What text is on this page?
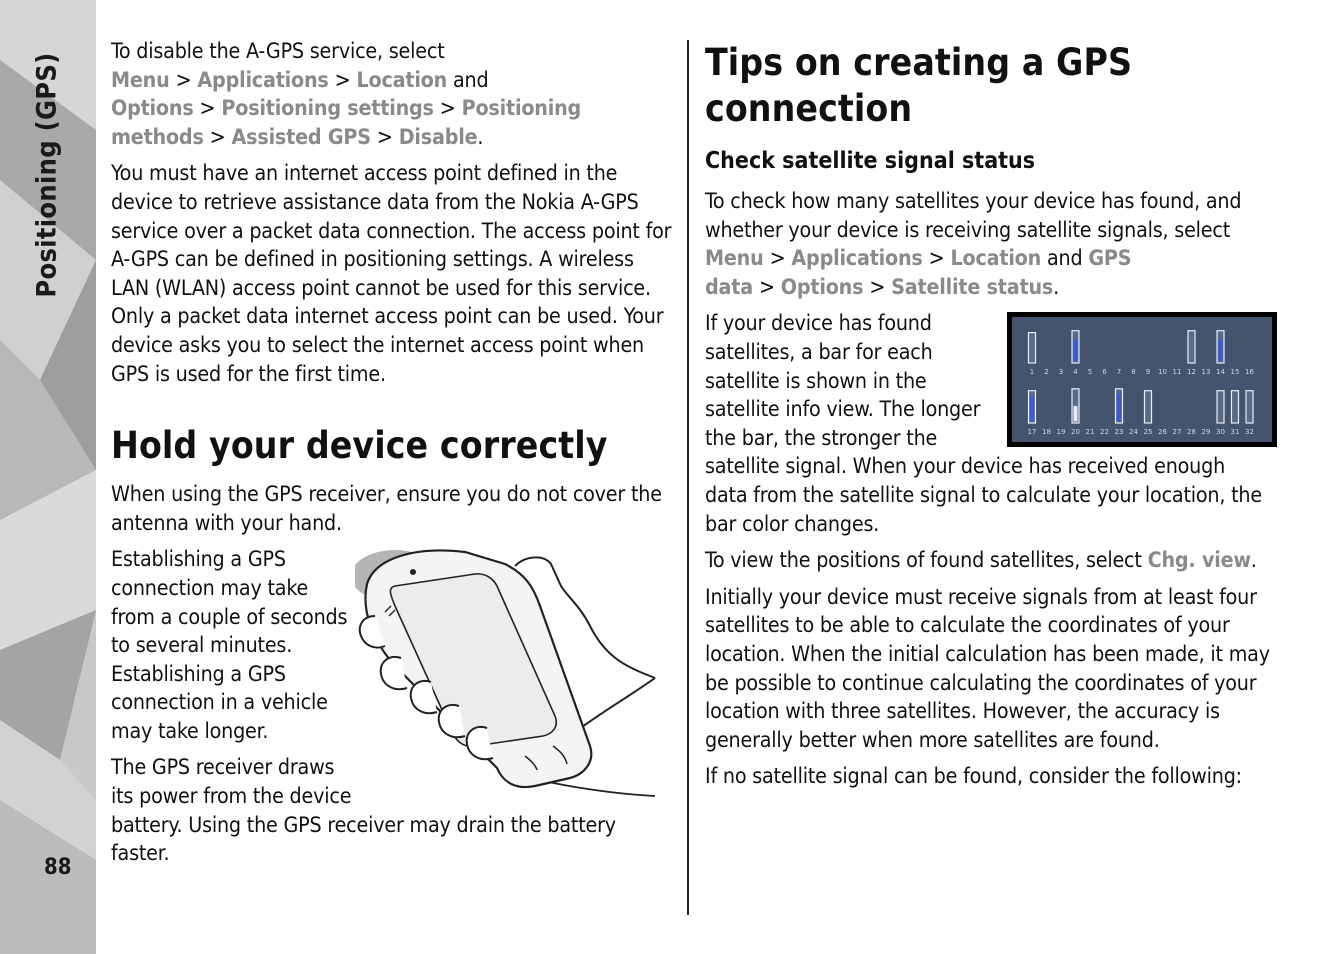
Positioning (GPS)
88

To disable the A-GPS service, select Menu > Applications > Location and Options > Positioning settings > Positioning methods > Assisted GPS > Disable.

You must have an internet access point defined in the device to retrieve assistance data from the Nokia A-GPS service over a packet data connection. The access point for A-GPS can be defined in positioning settings. A wireless LAN (WLAN) access point cannot be used for this service. Only a packet data internet access point can be used. Your device asks you to select the internet access point when GPS is used for the first time.

Hold your device correctly

When using the GPS receiver, ensure you do not cover the antenna with your hand.

Establishing a GPS connection may take from a couple of seconds to several minutes. Establishing a GPS connection in a vehicle may take longer.

The GPS receiver draws its power from the device battery. Using the GPS receiver may drain the battery faster.

Tips on creating a GPS connection
Check satellite signal status

To check how many satellites your device has found, and whether your device is receiving satellite signals, select Menu > Applications > Location and GPS data > Options > Satellite status.

1 2 3 4 5 6 7 8 9 10 11 12 13 14 15 16
17 18 19 20 21 22 23 24 25 26 27 28 29 30 31 32

If your device has found satellites, a bar for each satellite is shown in the satellite info view. The longer the bar, the stronger the satellite signal. When your device has received enough data from the satellite signal to calculate your location, the bar color changes.

To view the positions of found satellites, select Chg. view.

Initially your device must receive signals from at least four satellites to be able to calculate the coordinates of your location. When the initial calculation has been made, it may be possible to continue calculating the coordinates of your location with three satellites. However, the accuracy is generally better when more satellites are found.

If no satellite signal can be found, consider the following:
